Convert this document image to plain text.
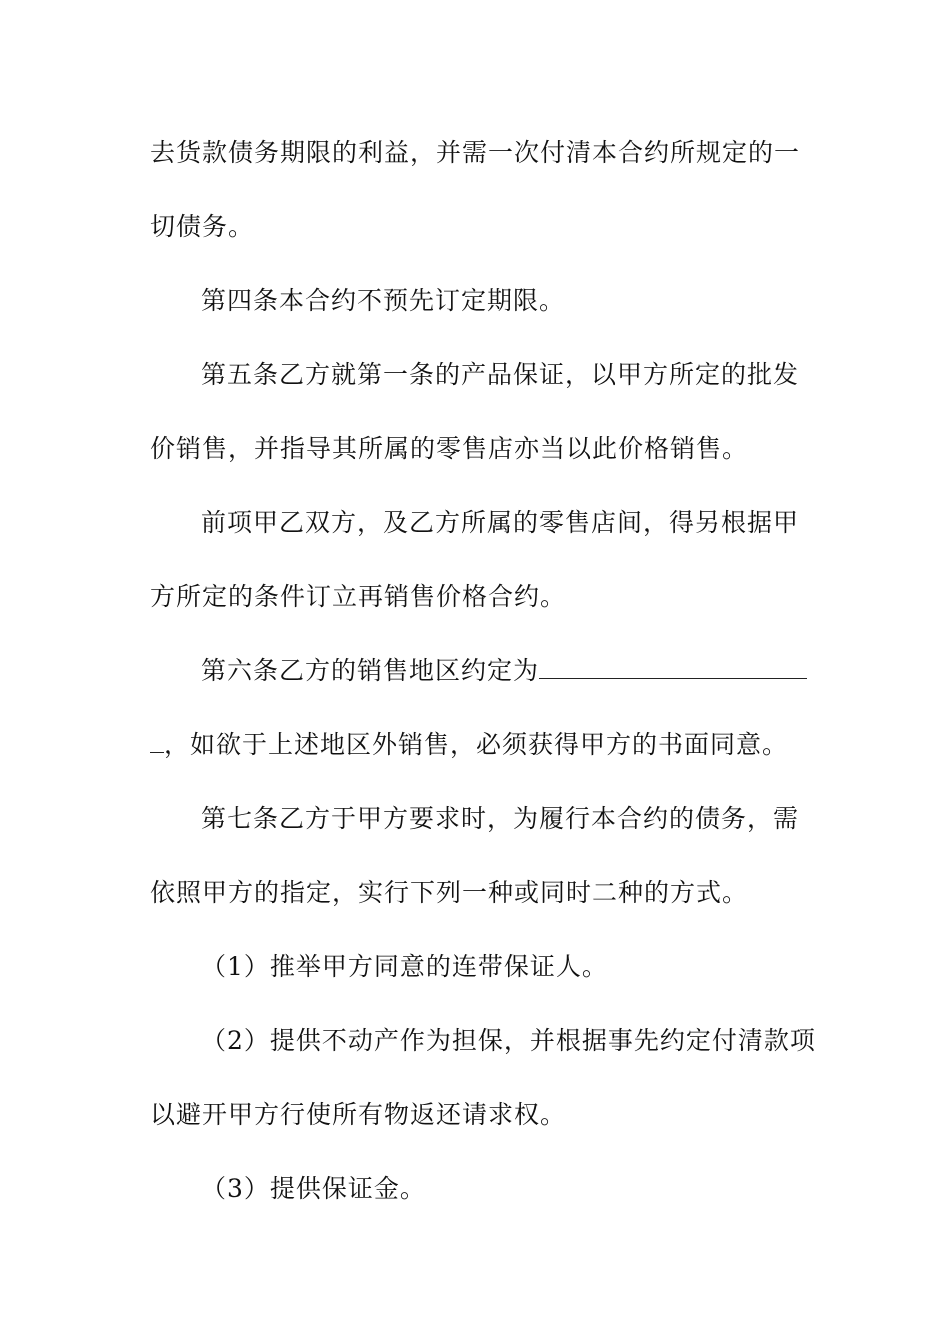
去货款债务期限的利益，并需一次付清本合约所规定的一
切债务。
第四条本合约不预先订定期限。
第五条乙方就第一条的产品保证，以甲方所定的批发
价销售，并指导其所属的零售店亦当以此价格销售。
前项甲乙双方，及乙方所属的零售店间，得另根据甲
方所定的条件订立再销售价格合约。
第六条乙方的销售地区约定为
，如欲于上述地区外销售，必须获得甲方的书面同意。
第七条乙方于甲方要求时，为履行本合约的债务，需
依照甲方的指定，实行下列一种或同时二种的方式。
（1）推举甲方同意的连带保证人。
（2）提供不动产作为担保，并根据事先约定付清款项
以避开甲方行使所有物返还请求权。
（3）提供保证金。
